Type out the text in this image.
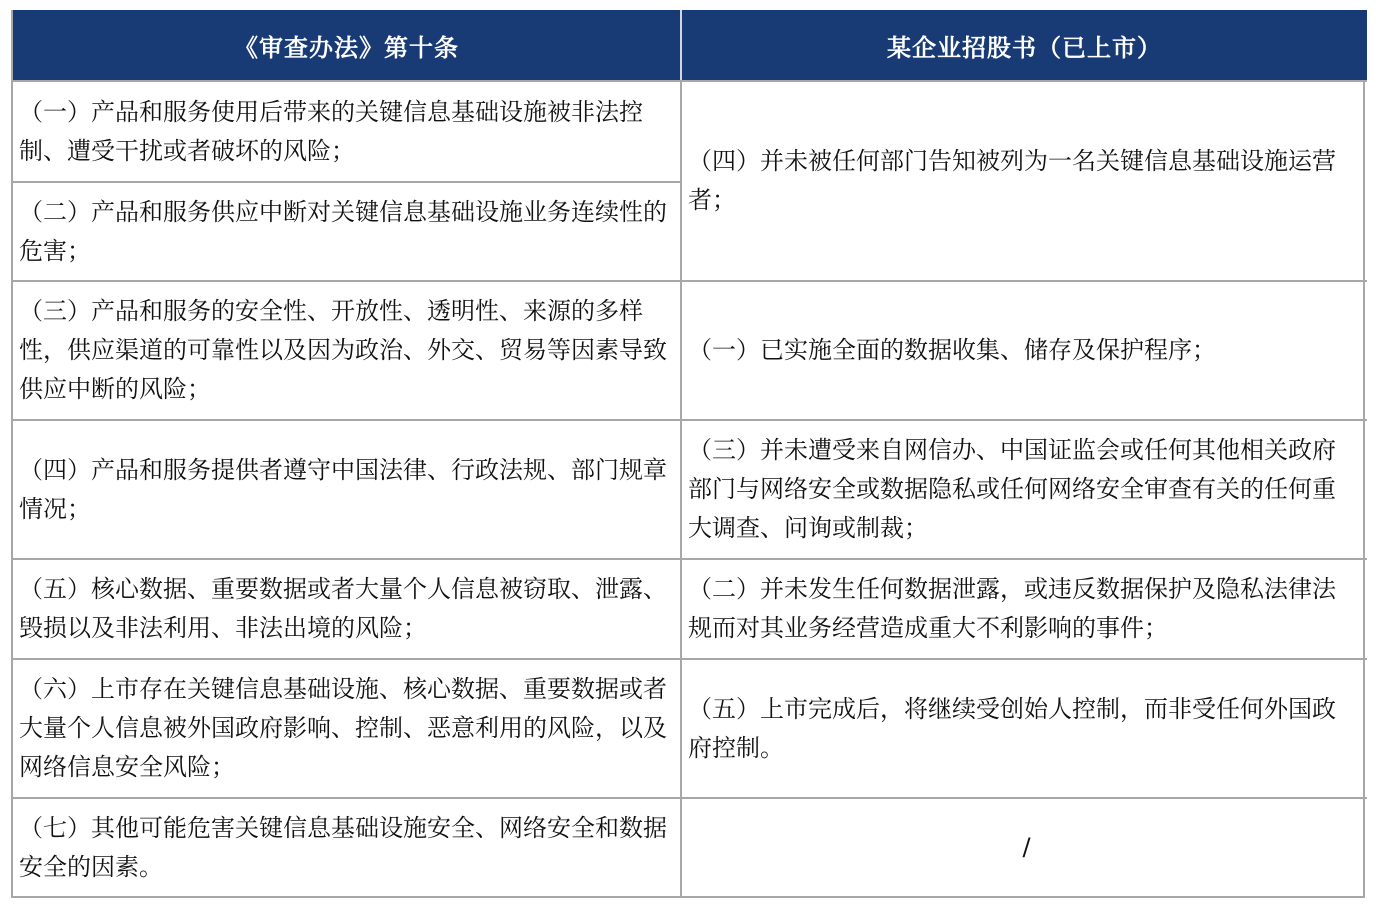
《审查办法》第十条	某企业招股书（已上市）
（一）产品和服务使用后带来的关键信息基础设施被非法控制、遭受干扰或者破坏的风险；
（二）产品和服务供应中断对关键信息基础设施业务连续性的危害；
（三）产品和服务的安全性、开放性、透明性、来源的多样性，供应渠道的可靠性以及因为政治、外交、贸易等因素导致供应中断的风险；
（四）产品和服务提供者遵守中国法律、行政法规、部门规章情况；
（五）核心数据、重要数据或者大量个人信息被窃取、泄露、毁损以及非法利用、非法出境的风险；
（六）上市存在关键信息基础设施、核心数据、重要数据或者大量个人信息被外国政府影响、控制、恶意利用的风险，以及网络信息安全风险；
（七）其他可能危害关键信息基础设施安全、网络安全和数据安全的因素。
（四）并未被任何部门告知被列为一名关键信息基础设施运营者；
（一）已实施全面的数据收集、储存及保护程序；
（三）并未遭受来自网信办、中国证监会或任何其他相关政府部门与网络安全或数据隐私或任何网络安全审查有关的任何重大调查、问询或制裁；
（二）并未发生任何数据泄露，或违反数据保护及隐私法律法规而对其业务经营造成重大不利影响的事件；
（五）上市完成后，将继续受创始人控制，而非受任何外国政府控制。
/
